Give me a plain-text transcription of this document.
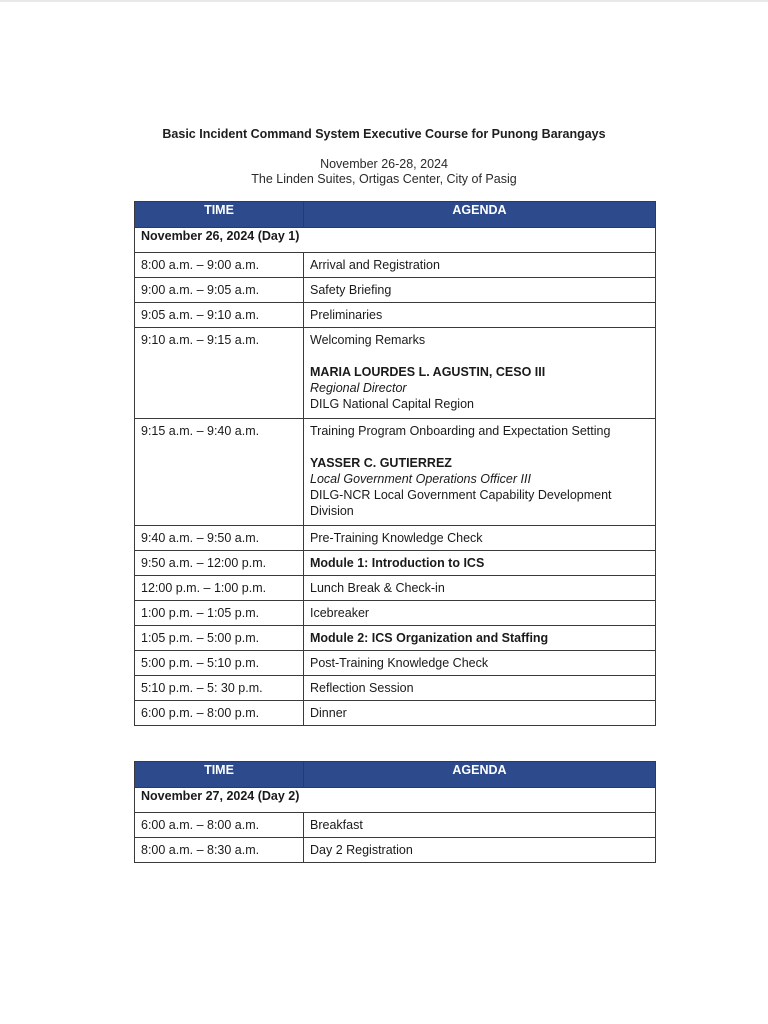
Basic Incident Command System Executive Course for Punong Barangays
November 26-28, 2024
The Linden Suites, Ortigas Center, City of Pasig
TIME	AGENDA
November 26, 2024 (Day 1)	
8:00 a.m. – 9:00 a.m.	Arrival and Registration
9:00 a.m. – 9:05 a.m.	Safety Briefing
9:05 a.m. – 9:10 a.m.	Preliminaries
9:10 a.m. – 9:15 a.m.	Welcoming Remarks
MARIA LOURDES L. AGUSTIN, CESO III
Regional Director
DILG National Capital Region

9:15 a.m. – 9:40 a.m.	Training Program Onboarding and Expectation Setting
YASSER C. GUTIERREZ
Local Government Operations Officer III
DILG-NCR Local Government Capability Development Division

9:40 a.m. – 9:50 a.m.	Pre-Training Knowledge Check
9:50 a.m. – 12:00 p.m.	Module 1: Introduction to ICS
12:00 p.m. – 1:00 p.m.	Lunch Break & Check-in
1:00 p.m. – 1:05 p.m.	Icebreaker
1:05 p.m. – 5:00 p.m.	Module 2: ICS Organization and Staffing
5:00 p.m. – 5:10 p.m.	Post-Training Knowledge Check
5:10 p.m. – 5: 30 p.m.	Reflection Session
6:00 p.m. – 8:00 p.m.	Dinner
TIME	AGENDA
November 27, 2024 (Day 2)	
6:00 a.m. – 8:00 a.m.	Breakfast
8:00 a.m. – 8:30 a.m.	Day 2 Registration
